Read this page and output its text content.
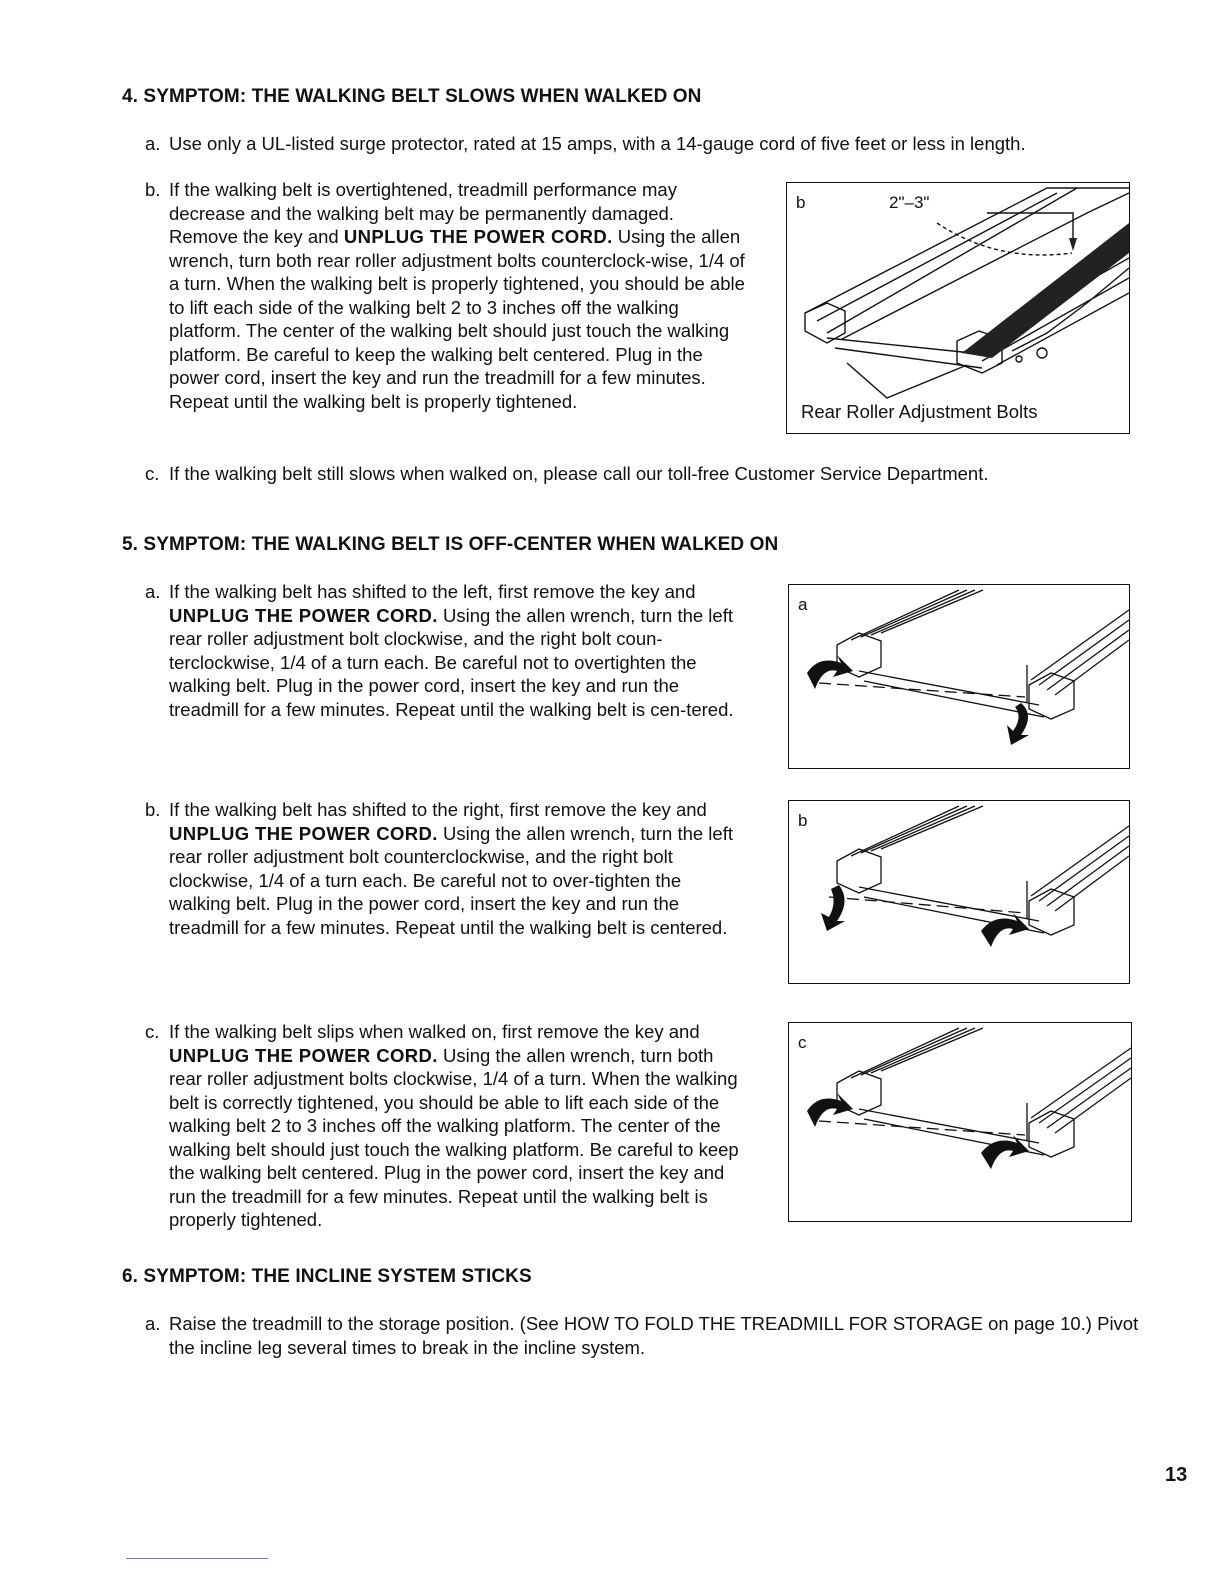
4. SYMPTOM: THE WALKING BELT SLOWS WHEN WALKED ON
a. Use only a UL-listed surge protector, rated at 15 amps, with a 14-gauge cord of five feet or less in length.
b. If the walking belt is overtightened, treadmill performance may decrease and the walking belt may be permanently damaged. Remove the key and UNPLUG THE POWER CORD. Using the allen wrench, turn both rear roller adjustment bolts counterclock-wise, 1/4 of a turn. When the walking belt is properly tightened, you should be able to lift each side of the walking belt 2 to 3 inches off the walking platform. The center of the walking belt should just touch the walking platform. Be careful to keep the walking belt centered. Plug in the power cord, insert the key and run the treadmill for a few minutes. Repeat until the walking belt is properly tightened.
b	2"–3"
Rear Roller Adjustment Bolts
c. If the walking belt still slows when walked on, please call our toll-free Customer Service Department.
5. SYMPTOM: THE WALKING BELT IS OFF-CENTER WHEN WALKED ON
a. If the walking belt has shifted to the left, first remove the key and UNPLUG THE POWER CORD. Using the allen wrench, turn the left rear roller adjustment bolt clockwise, and the right bolt coun-terclockwise, 1/4 of a turn each. Be careful not to overtighten the walking belt. Plug in the power cord, insert the key and run the treadmill for a few minutes. Repeat until the walking belt is cen-tered.
a
b. If the walking belt has shifted to the right, first remove the key and UNPLUG THE POWER CORD. Using the allen wrench, turn the left rear roller adjustment bolt counterclockwise, and the right bolt clockwise, 1/4 of a turn each. Be careful not to over-tighten the walking belt. Plug in the power cord, insert the key and run the treadmill for a few minutes. Repeat until the walking belt is centered.
b
c. If the walking belt slips when walked on, first remove the key and UNPLUG THE POWER CORD. Using the allen wrench, turn both rear roller adjustment bolts clockwise, 1/4 of a turn. When the walking belt is correctly tightened, you should be able to lift each side of the walking belt 2 to 3 inches off the walking platform. The center of the walking belt should just touch the walking platform. Be careful to keep the walking belt centered. Plug in the power cord, insert the key and run the treadmill for a few minutes. Repeat until the walking belt is properly tightened.
c
6. SYMPTOM: THE INCLINE SYSTEM STICKS
a. Raise the treadmill to the storage position. (See HOW TO FOLD THE TREADMILL FOR STORAGE on page 10.) Pivot the incline leg several times to break in the incline system.
13
